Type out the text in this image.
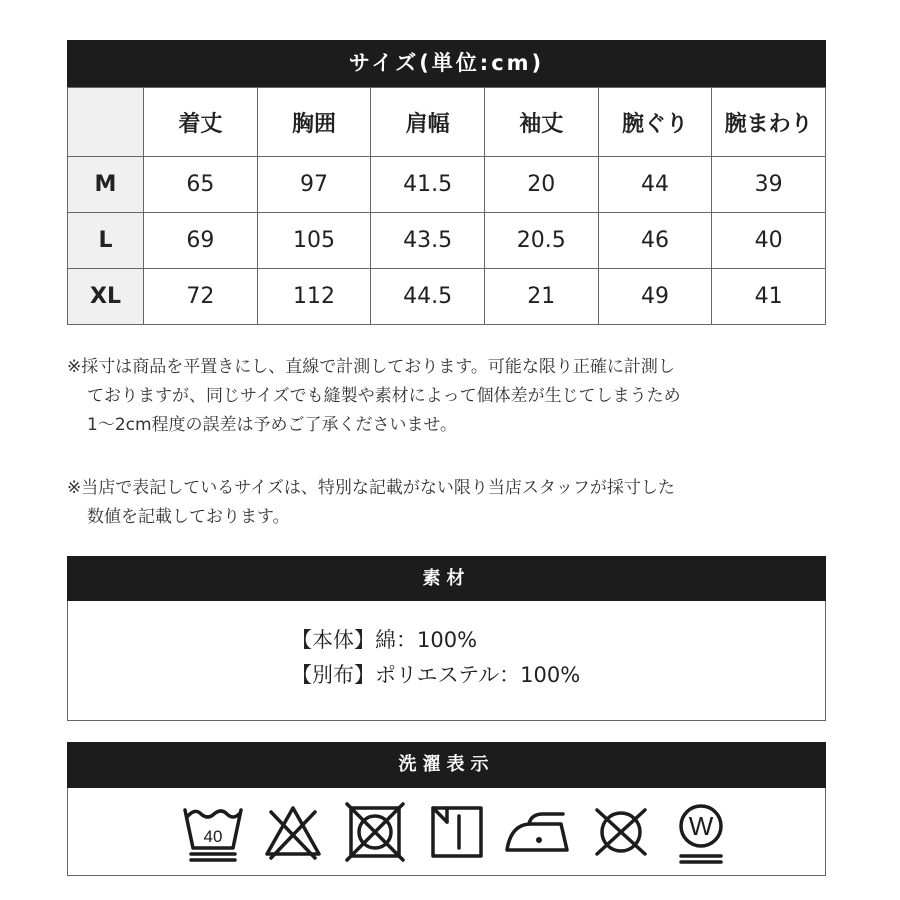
サイズ(単位:cm)
	着丈	胸囲	肩幅	袖丈	腕ぐり	腕まわり
M	65	97	41.5	20	44	39
L	69	105	43.5	20.5	46	40
XL	72	112	44.5	21	49	41
※採寸は商品を平置きにし、直線で計測しております。可能な限り正確に計測し
ておりますが、同じサイズでも縫製や素材によって個体差が生じてしまうため
1～2cm程度の誤差は予めご了承くださいませ。
※当店で表記しているサイズは、特別な記載がない限り当店スタッフが採寸した
数値を記載しております。
素材
【本体】綿：100%
【別布】ポリエステル：100%
洗濯表示
40	W
